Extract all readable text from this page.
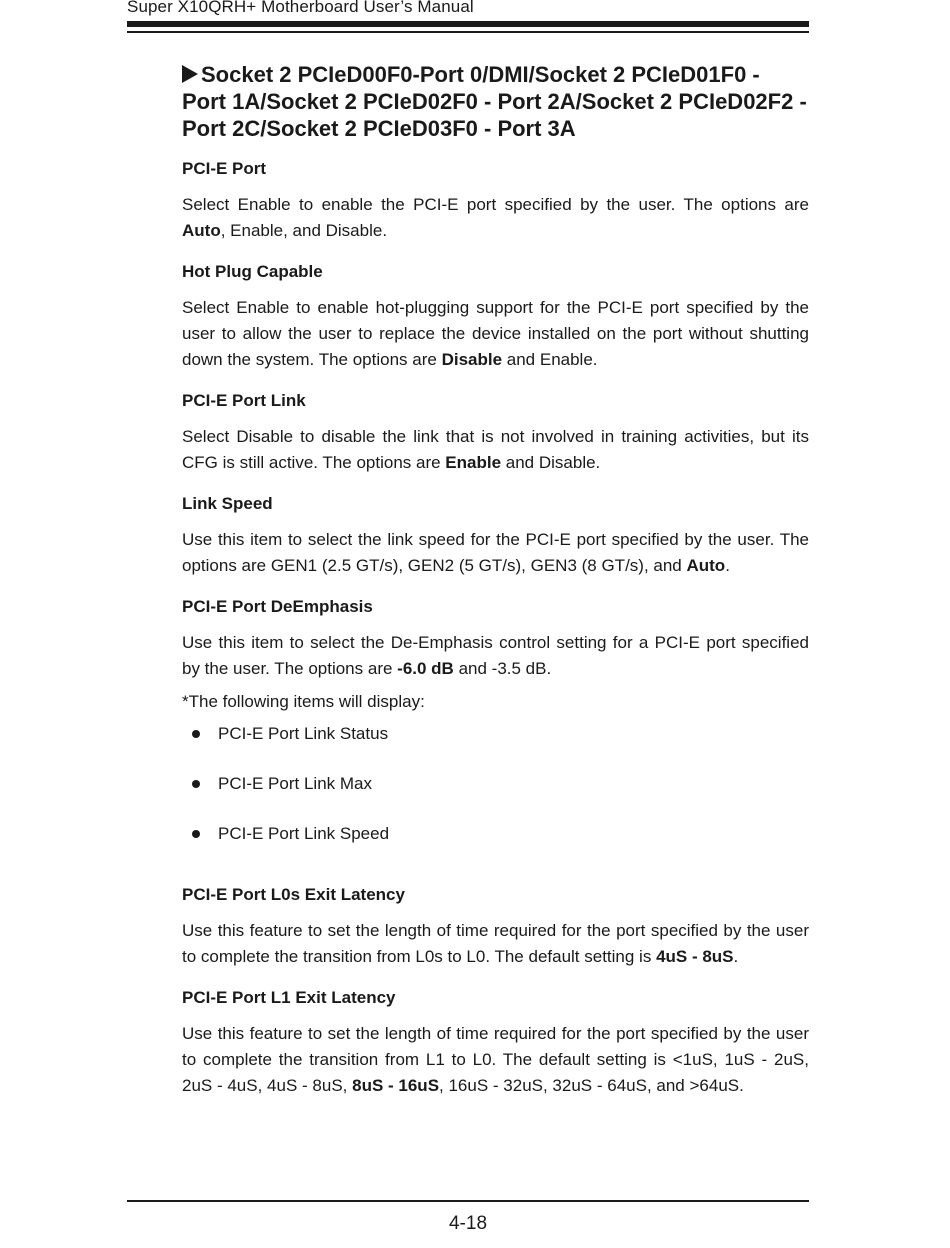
Super X10QRH+ Motherboard User’s Manual
Socket 2 PCIeD00F0-Port 0/DMI/Socket 2 PCIeD01F0 - Port 1A/Socket 2 PCIeD02F0 - Port 2A/Socket 2 PCIeD02F2 - Port 2C/Socket 2 PCIeD03F0 - Port 3A
PCI-E Port

Select Enable to enable the PCI-E port specified by the user. The options are Auto, Enable, and Disable.

Hot Plug Capable

Select Enable to enable hot-plugging support for the PCI-E port specified by the user to allow the user to replace the device installed on the port without shutting down the system. The options are Disable and Enable.

PCI-E Port Link

Select Disable to disable the link that is not involved in training activities, but its CFG is still active. The options are Enable and Disable.

Link Speed

Use this item to select the link speed for the PCI-E port specified by the user. The options are GEN1 (2.5 GT/s), GEN2 (5 GT/s), GEN3 (8 GT/s), and Auto.

PCI-E Port DeEmphasis

Use this item to select the De-Emphasis control setting for a PCI-E port specified by the user. The options are -6.0 dB and -3.5 dB.

*The following items will display:
PCI-E Port Link Status
PCI-E Port Link Max
PCI-E Port Link Speed
PCI-E Port L0s Exit Latency

Use this feature to set the length of time required for the port specified by the user to complete the transition from L0s to L0. The default setting is 4uS - 8uS.

PCI-E Port L1 Exit Latency

Use this feature to set the length of time required for the port specified by the user to complete the transition from L1 to L0. The default setting is <1uS, 1uS - 2uS, 2uS - 4uS, 4uS - 8uS, 8uS - 16uS, 16uS - 32uS, 32uS - 64uS, and >64uS.

4-18
